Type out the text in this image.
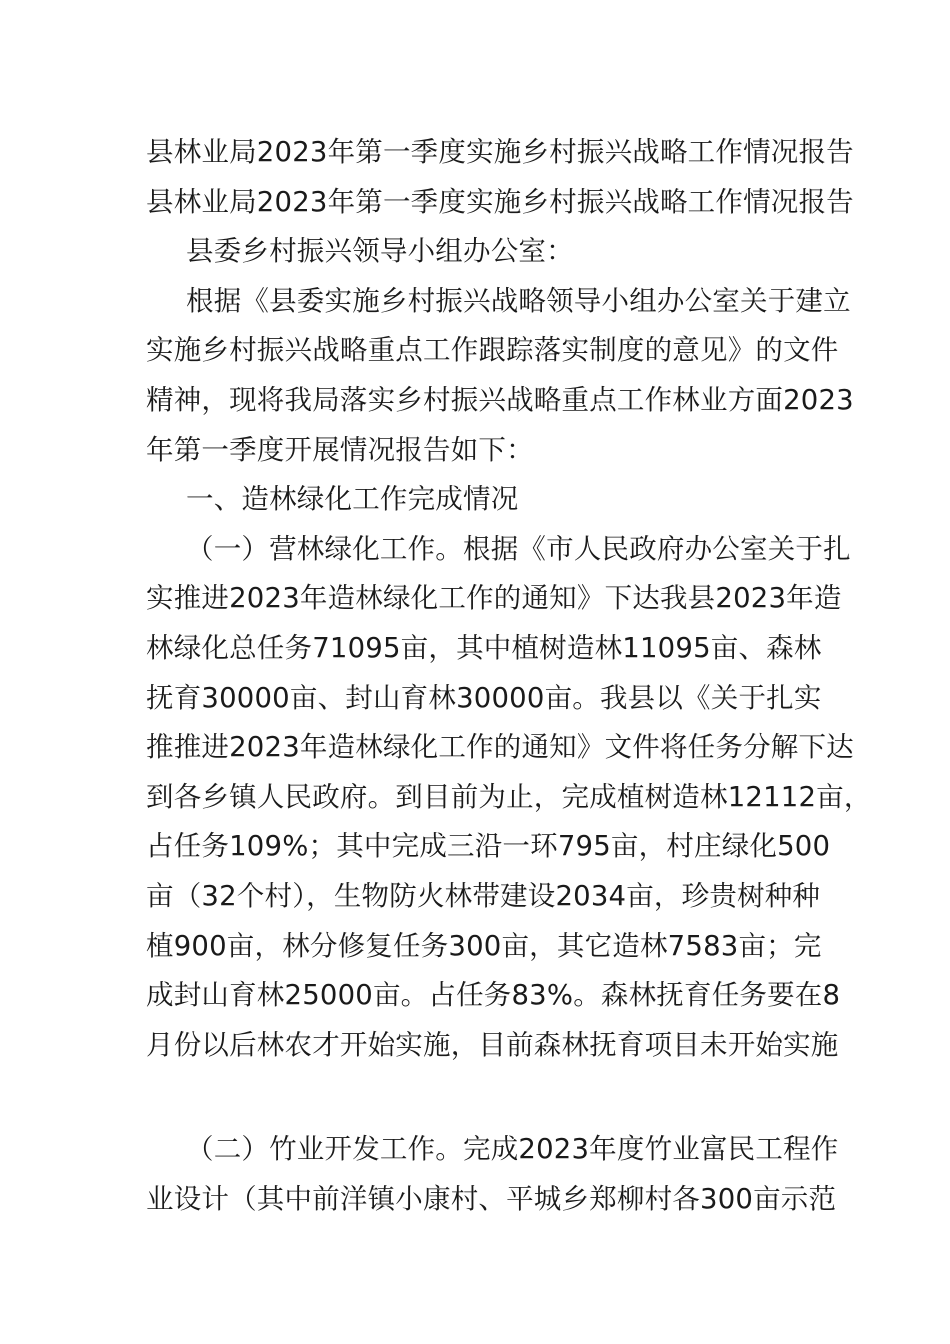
县林业局2023年第一季度实施乡村振兴战略工作情况报告
县林业局2023年第一季度实施乡村振兴战略工作情况报告
县委乡村振兴领导小组办公室：
根据《县委实施乡村振兴战略领导小组办公室关于建立
实施乡村振兴战略重点工作跟踪落实制度的意见》的文件
精神，现将我局落实乡村振兴战略重点工作林业方面2023
年第一季度开展情况报告如下：
一、造林绿化工作完成情况
（一）营林绿化工作。根据《市人民政府办公室关于扎
实推进2023年造林绿化工作的通知》下达我县2023年造
林绿化总任务71095亩，其中植树造林11095亩、森林
抚育30000亩、封山育林30000亩。我县以《关于扎实
推推进2023年造林绿化工作的通知》文件将任务分解下达
到各乡镇人民政府。到目前为止，完成植树造林12112亩，
占任务109%；其中完成三沿一环795亩，村庄绿化500
亩（32个村），生物防火林带建设2034亩，珍贵树种种
植900亩，林分修复任务300亩，其它造林7583亩；完
成封山育林25000亩。占任务83%。森林抚育任务要在8
月份以后林农才开始实施，目前森林抚育项目未开始实施
（二）竹业开发工作。完成2023年度竹业富民工程作
业设计（其中前洋镇小康村、平城乡郑柳村各300亩示范
